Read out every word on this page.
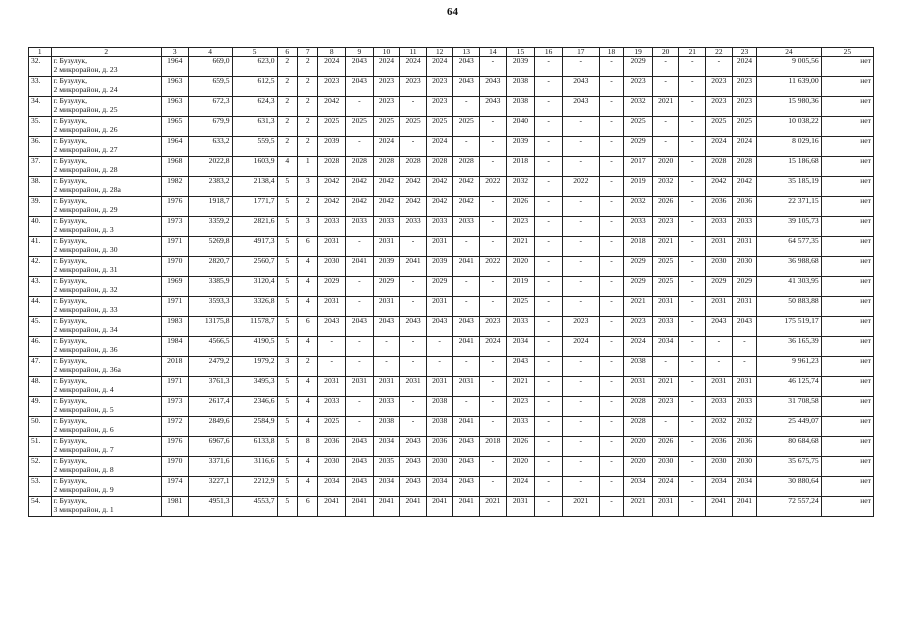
64
1	2	3	4	5	6	7	8	9	10	11	12	13	14	15	16	17	18	19	20	21	22	23	24	25
32.	г. Бузулук,
2 микрорайон, д. 23	1964	669,0	623,0	2	2	2024	2043	2024	2024	2024	2043	-	2039	-	-	-	2029	-	-	-	2024	9 005,56	нет
33.	г. Бузулук,
2 микрорайон, д. 24	1963	659,5	612,5	2	2	2023	2043	2023	2023	2023	2043	2043	2038	-	2043	-	2023	-	-	2023	2023	11 639,00	нет
34.	г. Бузулук,
2 микрорайон, д. 25	1963	672,3	624,3	2	2	2042	-	2023	-	2023	-	2043	2038	-	2043	-	2032	2021	-	2023	2023	15 980,36	нет
35.	г. Бузулук,
2 микрорайон, д. 26	1965	679,9	631,3	2	2	2025	2025	2025	2025	2025	2025	-	2040	-	-	-	2025	-	-	2025	2025	10 038,22	нет
36.	г. Бузулук,
2 микрорайон, д. 27	1964	633,2	559,5	2	2	2039	-	2024	-	2024	-	-	2039	-	-	-	2029	-	-	2024	2024	8 029,16	нет
37.	г. Бузулук,
2 микрорайон, д. 28	1968	2022,8	1603,9	4	1	2028	2028	2028	2028	2028	2028	-	2018	-	-	-	2017	2020	-	2028	2028	15 186,68	нет
38.	г. Бузулук,
2 микрорайон, д. 28а	1982	2383,2	2138,4	5	3	2042	2042	2042	2042	2042	2042	2022	2032	-	2022	-	2019	2032	-	2042	2042	35 185,19	нет
39.	г. Бузулук,
2 микрорайон, д. 29	1976	1918,7	1771,7	5	2	2042	2042	2042	2042	2042	2042	-	2026	-	-	-	2032	2026	-	2036	2036	22 371,15	нет
40.	г. Бузулук,
2 микрорайон, д. 3	1973	3359,2	2821,6	5	3	2033	2033	2033	2033	2033	2033	-	2023	-	-	-	2033	2023	-	2033	2033	39 105,73	нет
41.	г. Бузулук,
2 микрорайон, д. 30	1971	5269,8	4917,3	5	6	2031	-	2031	-	2031	-	-	2021	-	-	-	2018	2021	-	2031	2031	64 577,35	нет
42.	г. Бузулук,
2 микрорайон, д. 31	1970	2820,7	2560,7	5	4	2030	2041	2039	2041	2039	2041	2022	2020	-	-	-	2029	2025	-	2030	2030	36 988,68	нет
43.	г. Бузулук,
2 микрорайон, д. 32	1969	3385,9	3120,4	5	4	2029	-	2029	-	2029	-	-	2019	-	-	-	2029	2025	-	2029	2029	41 303,95	нет
44.	г. Бузулук,
2 микрорайон, д. 33	1971	3593,3	3326,8	5	4	2031	-	2031	-	2031	-	-	2025	-	-	-	2021	2031	-	2031	2031	50 883,88	нет
45.	г. Бузулук,
2 микрорайон, д. 34	1983	13175,8	11578,7	5	6	2043	2043	2043	2043	2043	2043	2023	2033	-	2023	-	2023	2033	-	2043	2043	175 519,17	нет
46.	г. Бузулук,
2 микрорайон, д. 36	1984	4566,5	4190,5	5	4	-	-	-	-	-	2041	2024	2034	-	2024	-	2024	2034	-	-	-	36 165,39	нет
47.	г. Бузулук,
2 микрорайон, д. 36а	2018	2479,2	1979,2	3	2	-	-	-	-	-	-	-	2043	-	-	-	2038	-	-	-	-	9 961,23	нет
48.	г. Бузулук,
2 микрорайон, д. 4	1971	3761,3	3495,3	5	4	2031	2031	2031	2031	2031	2031	-	2021	-	-	-	2031	2021	-	2031	2031	46 125,74	нет
49.	г. Бузулук,
2 микрорайон, д. 5	1973	2617,4	2346,6	5	4	2033	-	2033	-	2038	-	-	2023	-	-	-	2028	2023	-	2033	2033	31 708,58	нет
50.	г. Бузулук,
2 микрорайон, д. 6	1972	2849,6	2584,9	5	4	2025	-	2038	-	2038	2041	-	2033	-	-	-	2028	-	-	2032	2032	25 449,07	нет
51.	г. Бузулук,
2 микрорайон, д. 7	1976	6967,6	6133,8	5	8	2036	2043	2034	2043	2036	2043	2018	2026	-	-	-	2020	2026	-	2036	2036	80 684,68	нет
52.	г. Бузулук,
2 микрорайон, д. 8	1970	3371,6	3116,6	5	4	2030	2043	2035	2043	2030	2043	-	2020	-	-	-	2020	2030	-	2030	2030	35 675,75	нет
53.	г. Бузулук,
2 микрорайон, д. 9	1974	3227,1	2212,9	5	4	2034	2043	2034	2043	2034	2043	-	2024	-	-	-	2034	2024	-	2034	2034	30 880,64	нет
54.	г. Бузулук,
3 микрорайон, д. 1	1981	4951,3	4553,7	5	6	2041	2041	2041	2041	2041	2041	2021	2031	-	2021	-	2021	2031	-	2041	2041	72 557,24	нет
